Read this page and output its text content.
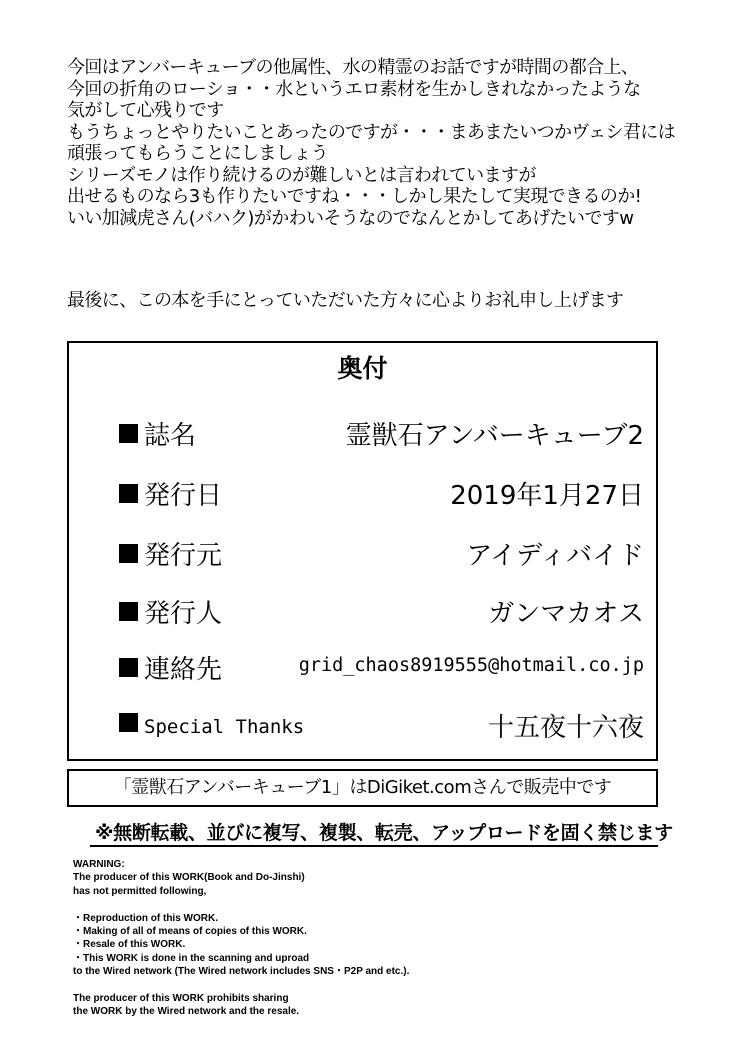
今回はアンバーキューブの他属性、水の精霊のお話ですが時間の都合上、

今回の折角のローショ・・水というエロ素材を生かしきれなかったような

気がして心残りです

もうちょっとやりたいことあったのですが・・・まあまたいつかヴェシ君には

頑張ってもらうことにしましょう

シリーズモノは作り続けるのが難しいとは言われていますが

出せるものなら3も作りたいですね・・・しかし果たして実現できるのか!

いい加減虎さん(バハク)がかわいそうなのでなんとかしてあげたいですw

最後に、この本を手にとっていただいた方々に心よりお礼申し上げます

奥付
誌名	霊獣石アンバーキューブ2
発行日	2019年1月27日
発行元	アイディバイド
発行人	ガンマカオス
連絡先	grid_chaos8919555@hotmail.co.jp
Special Thanks	十五夜十六夜
「霊獣石アンバーキューブ1」はDiGiket.comさんで販売中です
※無断転載、並びに複写、複製、転売、アップロードを固く禁じます
WARNING:
The producer of this WORK(Book and Do-Jinshi)
has not permitted following,
・Reproduction of this WORK.
・Making of all of means of copies of this WORK.
・Resale of this WORK.
・This WORK is done in the scanning and uproad
to the Wired network (The Wired network includes SNS・P2P and etc.).
The producer of this WORK prohibits sharing
the WORK by the Wired network and the resale.
